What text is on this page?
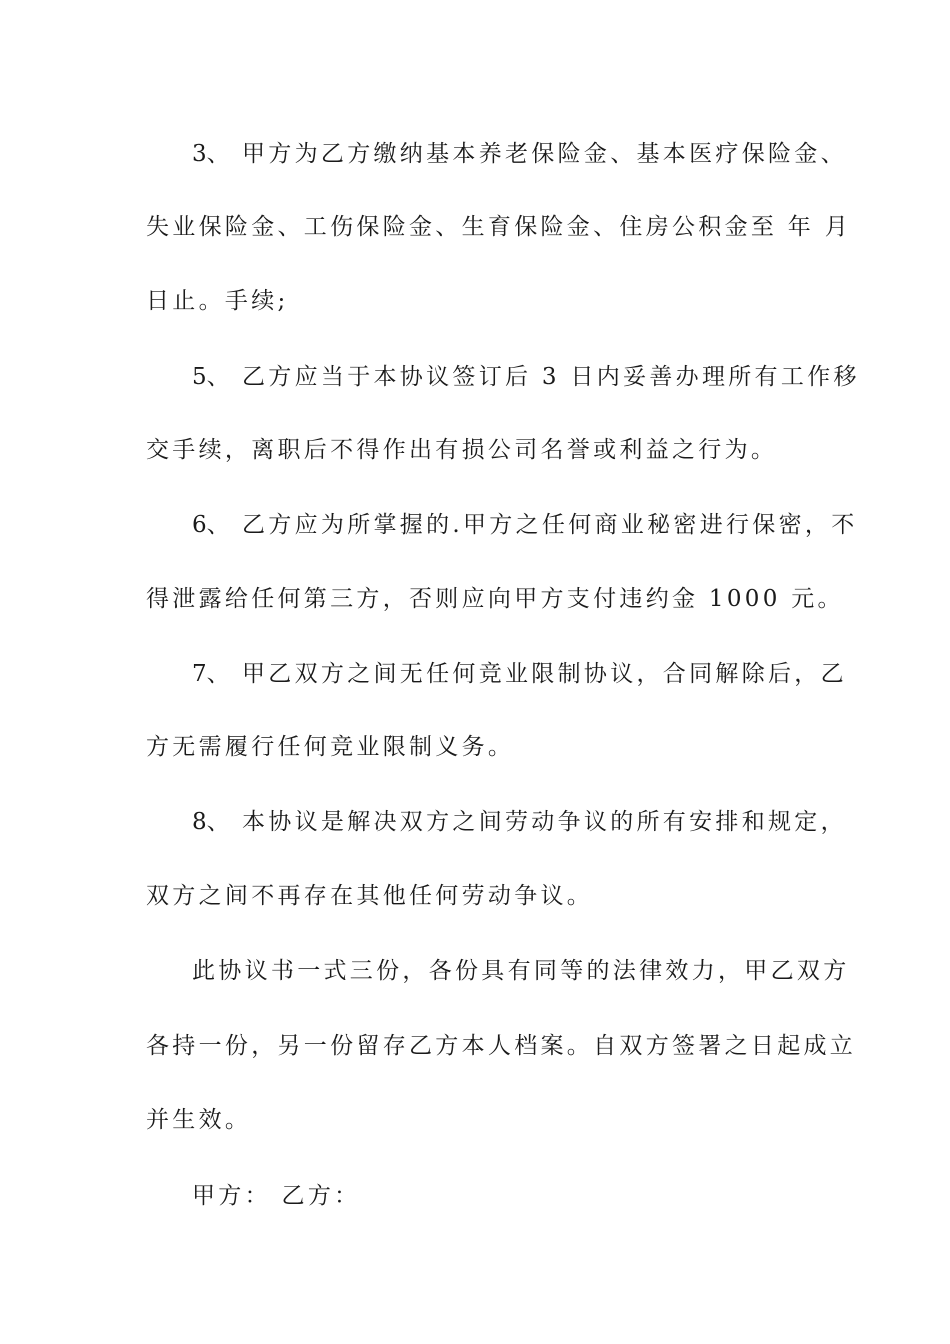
3、 甲方为乙方缴纳基本养老保险金、基本医疗保险金、
失业保险金、工伤保险金、生育保险金、住房公积金至 年 月
日止。手续;
5、 乙方应当于本协议签订后 3 日内妥善办理所有工作移
交手续，离职后不得作出有损公司名誉或利益之行为。
6、 乙方应为所掌握的.甲方之任何商业秘密进行保密，不
得泄露给任何第三方，否则应向甲方支付违约金 1000 元。
7、 甲乙双方之间无任何竞业限制协议，合同解除后，乙
方无需履行任何竞业限制义务。
8、 本协议是解决双方之间劳动争议的所有安排和规定，
双方之间不再存在其他任何劳动争议。
此协议书一式三份，各份具有同等的法律效力，甲乙双方
各持一份，另一份留存乙方本人档案。自双方签署之日起成立
并生效。
甲方： 乙方：
